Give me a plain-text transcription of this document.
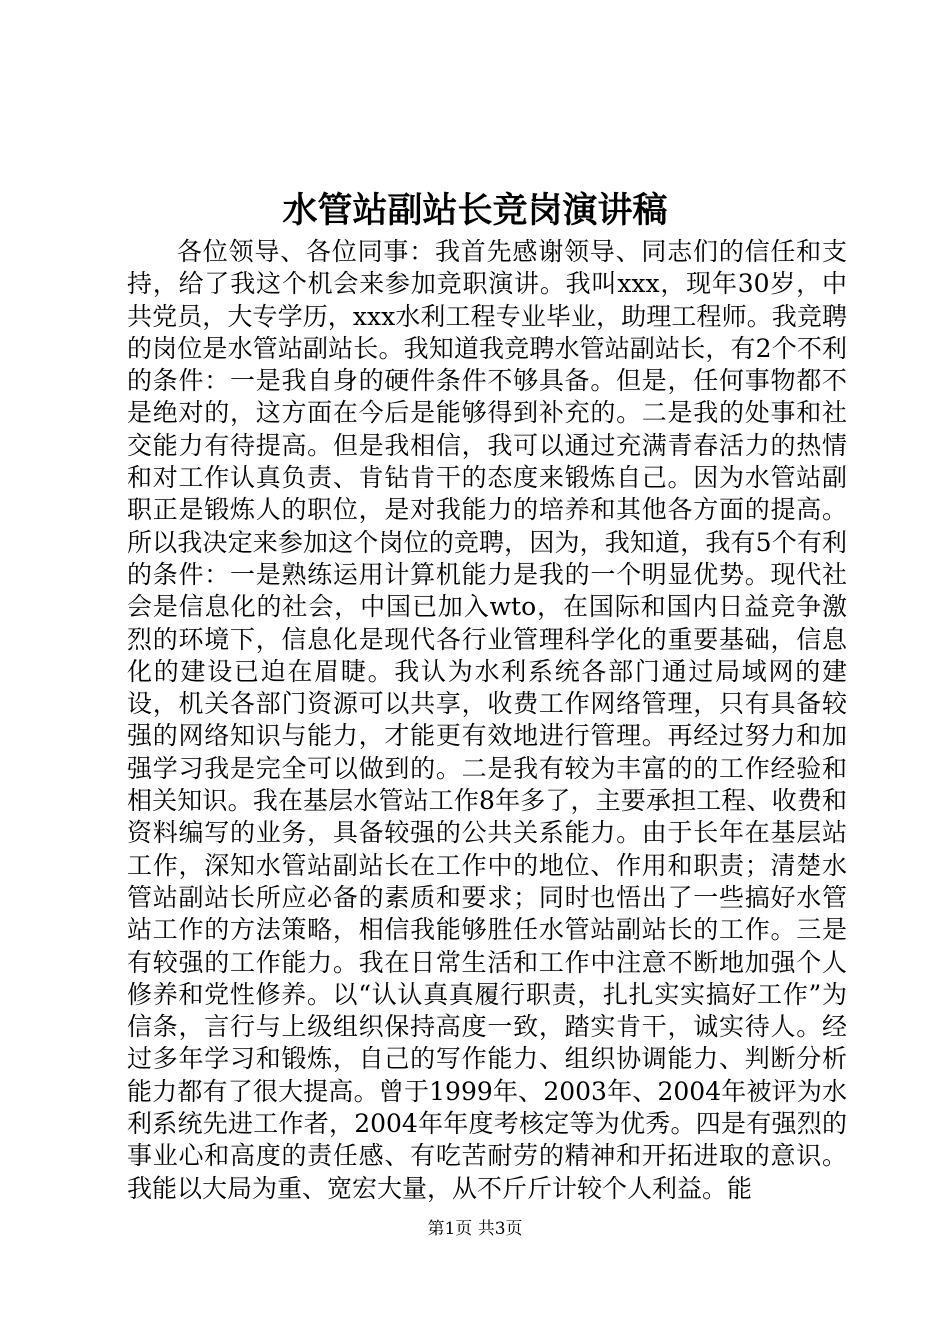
水管站副站长竞岗演讲稿

各位领导、各位同事：我首先感谢领导、同志们的信任和支持，给了我这个机会来参加竞职演讲。我叫xxx，现年30岁，中共党员，大专学历，xxx水利工程专业毕业，助理工程师。我竞聘的岗位是水管站副站长。我知道我竞聘水管站副站长，有2个不利的条件：一是我自身的硬件条件不够具备。但是，任何事物都不是绝对的，这方面在今后是能够得到补充的。二是我的处事和社交能力有待提高。但是我相信，我可以通过充满青春活力的热情和对工作认真负责、肯钻肯干的态度来锻炼自己。因为水管站副职正是锻炼人的职位，是对我能力的培养和其他各方面的提高。所以我决定来参加这个岗位的竞聘，因为，我知道，我有5个有利的条件：一是熟练运用计算机能力是我的一个明显优势。现代社会是信息化的社会，中国已加入wto，在国际和国内日益竞争激烈的环境下，信息化是现代各行业管理科学化的重要基础，信息化的建设已迫在眉睫。我认为水利系统各部门通过局域网的建设，机关各部门资源可以共享，收费工作网络管理，只有具备较强的网络知识与能力，才能更有效地进行管理。再经过努力和加强学习我是完全可以做到的。二是我有较为丰富的的工作经验和相关知识。我在基层水管站工作8年多了，主要承担工程、收费和资料编写的业务，具备较强的公共关系能力。由于长年在基层站工作，深知水管站副站长在工作中的地位、作用和职责；清楚水管站副站长所应必备的素质和要求；同时也悟出了一些搞好水管站工作的方法策略，相信我能够胜任水管站副站长的工作。三是有较强的工作能力。我在日常生活和工作中注意不断地加强个人修养和党性修养。以“认认真真履行职责，扎扎实实搞好工作”为信条，言行与上级组织保持高度一致，踏实肯干，诚实待人。经过多年学习和锻炼，自己的写作能力、组织协调能力、判断分析能力都有了很大提高。曾于1999年、2003年、2004年被评为水利系统先进工作者，2004年年度考核定等为优秀。四是有强烈的事业心和高度的责任感、有吃苦耐劳的精神和开拓进取的意识。我能以大局为重、宽宏大量，从不斤斤计较个人利益。能

第1页 共3页
